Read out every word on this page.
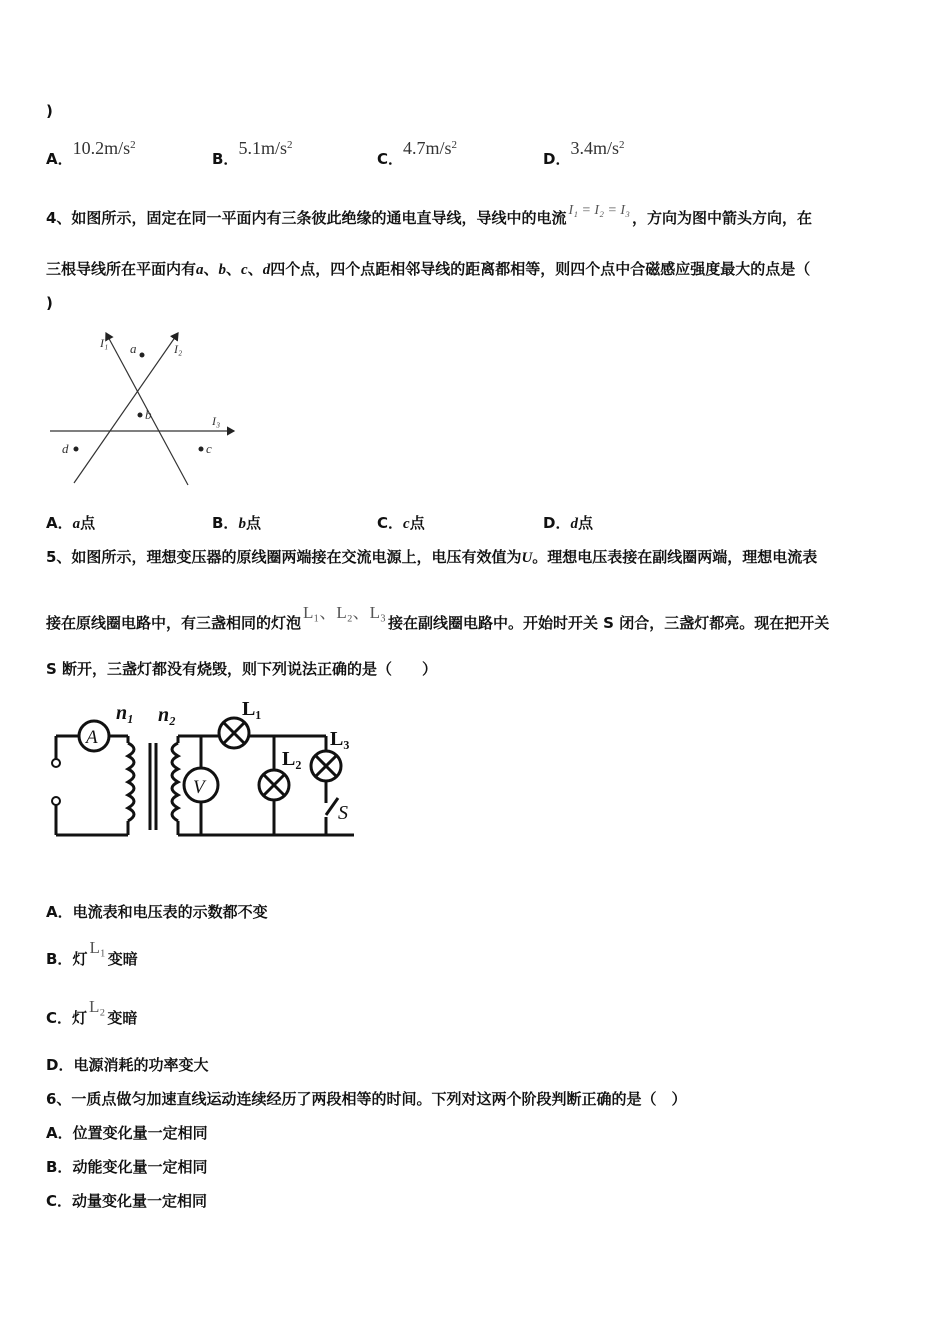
)
A．$10.2m/s^2$
B．$5.1m/s^2$
C．$4.7m/s^2$
D．$3.4m/s^2$
4、如图所示，固定在同一平面内有三条彼此绝缘的通电直导线，导线中的电流 I₁ = I₂ = I₃ ，方向为图中箭头方向，在
三根导线所在平面内有a、b、c、d四个点，四个点距相邻导线的距离都相等，则四个点中合磁感应强度最大的点是（
)
I₁	I₂
I₃
a
b
c
d
A．a点	B．b点	C．c点	D．d点
5、如图所示，理想变压器的原线圈两端接在交流电源上，电压有效值为U。理想电压表接在副线圈两端，理想电流表
接在原线圈电路中，有三盏相同的灯泡L₁、L₂、L₃接在副线圈电路中。开始时开关 S 闭合，三盏灯都亮。现在把开关
S 断开，三盏灯都没有烧毁，则下列说法正确的是（　　）
A
V
n₁ n₂	L₁
L₂
L₃
S
A．电流表和电压表的示数都不变
B．灯L₁变暗
C．灯L₂变暗
D．电源消耗的功率变大
6、一质点做匀加速直线运动连续经历了两段相等的时间。下列对这两个阶段判断正确的是（　）
A．位置变化量一定相同
B．动能变化量一定相同
C．动量变化量一定相同
